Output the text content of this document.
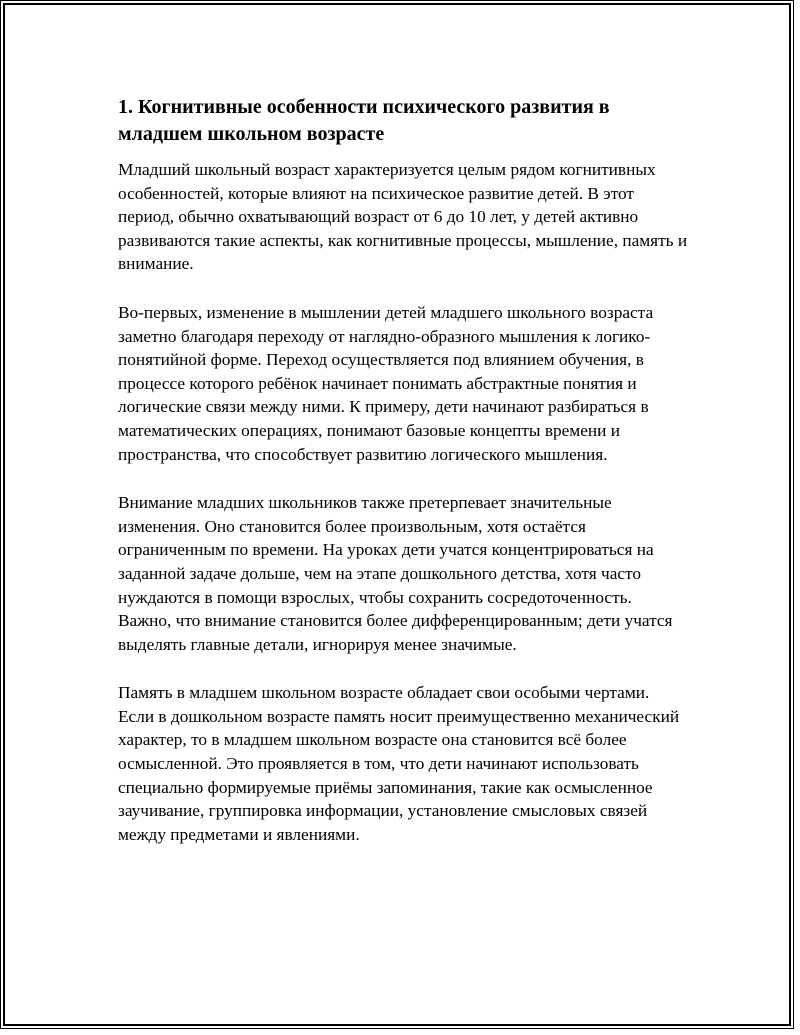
1. Когнитивные особенности психического развития в младшем школьном возрасте

Младший школьный возраст характеризуется целым рядом когнитивных особенностей, которые влияют на психическое развитие детей. В этот период, обычно охватывающий возраст от 6 до 10 лет, у детей активно развиваются такие аспекты, как когнитивные процессы, мышление, память и внимание.

Во-первых, изменение в мышлении детей младшего школьного возраста заметно благодаря переходу от наглядно-образного мышления к логико-понятийной форме. Переход осуществляется под влиянием обучения, в процессе которого ребёнок начинает понимать абстрактные понятия и логические связи между ними. К примеру, дети начинают разбираться в математических операциях, понимают базовые концепты времени и пространства, что способствует развитию логического мышления.

Внимание младших школьников также претерпевает значительные изменения. Оно становится более произвольным, хотя остаётся ограниченным по времени. На уроках дети учатся концентрироваться на заданной задаче дольше, чем на этапе дошкольного детства, хотя часто нуждаются в помощи взрослых, чтобы сохранить сосредоточенность. Важно, что внимание становится более дифференцированным; дети учатся выделять главные детали, игнорируя менее значимые.

Память в младшем школьном возрасте обладает свои особыми чертами. Если в дошкольном возрасте память носит преимущественно механический характер, то в младшем школьном возрасте она становится всё более осмысленной. Это проявляется в том, что дети начинают использовать специально формируемые приёмы запоминания, такие как осмысленное заучивание, группировка информации, установление смысловых связей между предметами и явлениями.
